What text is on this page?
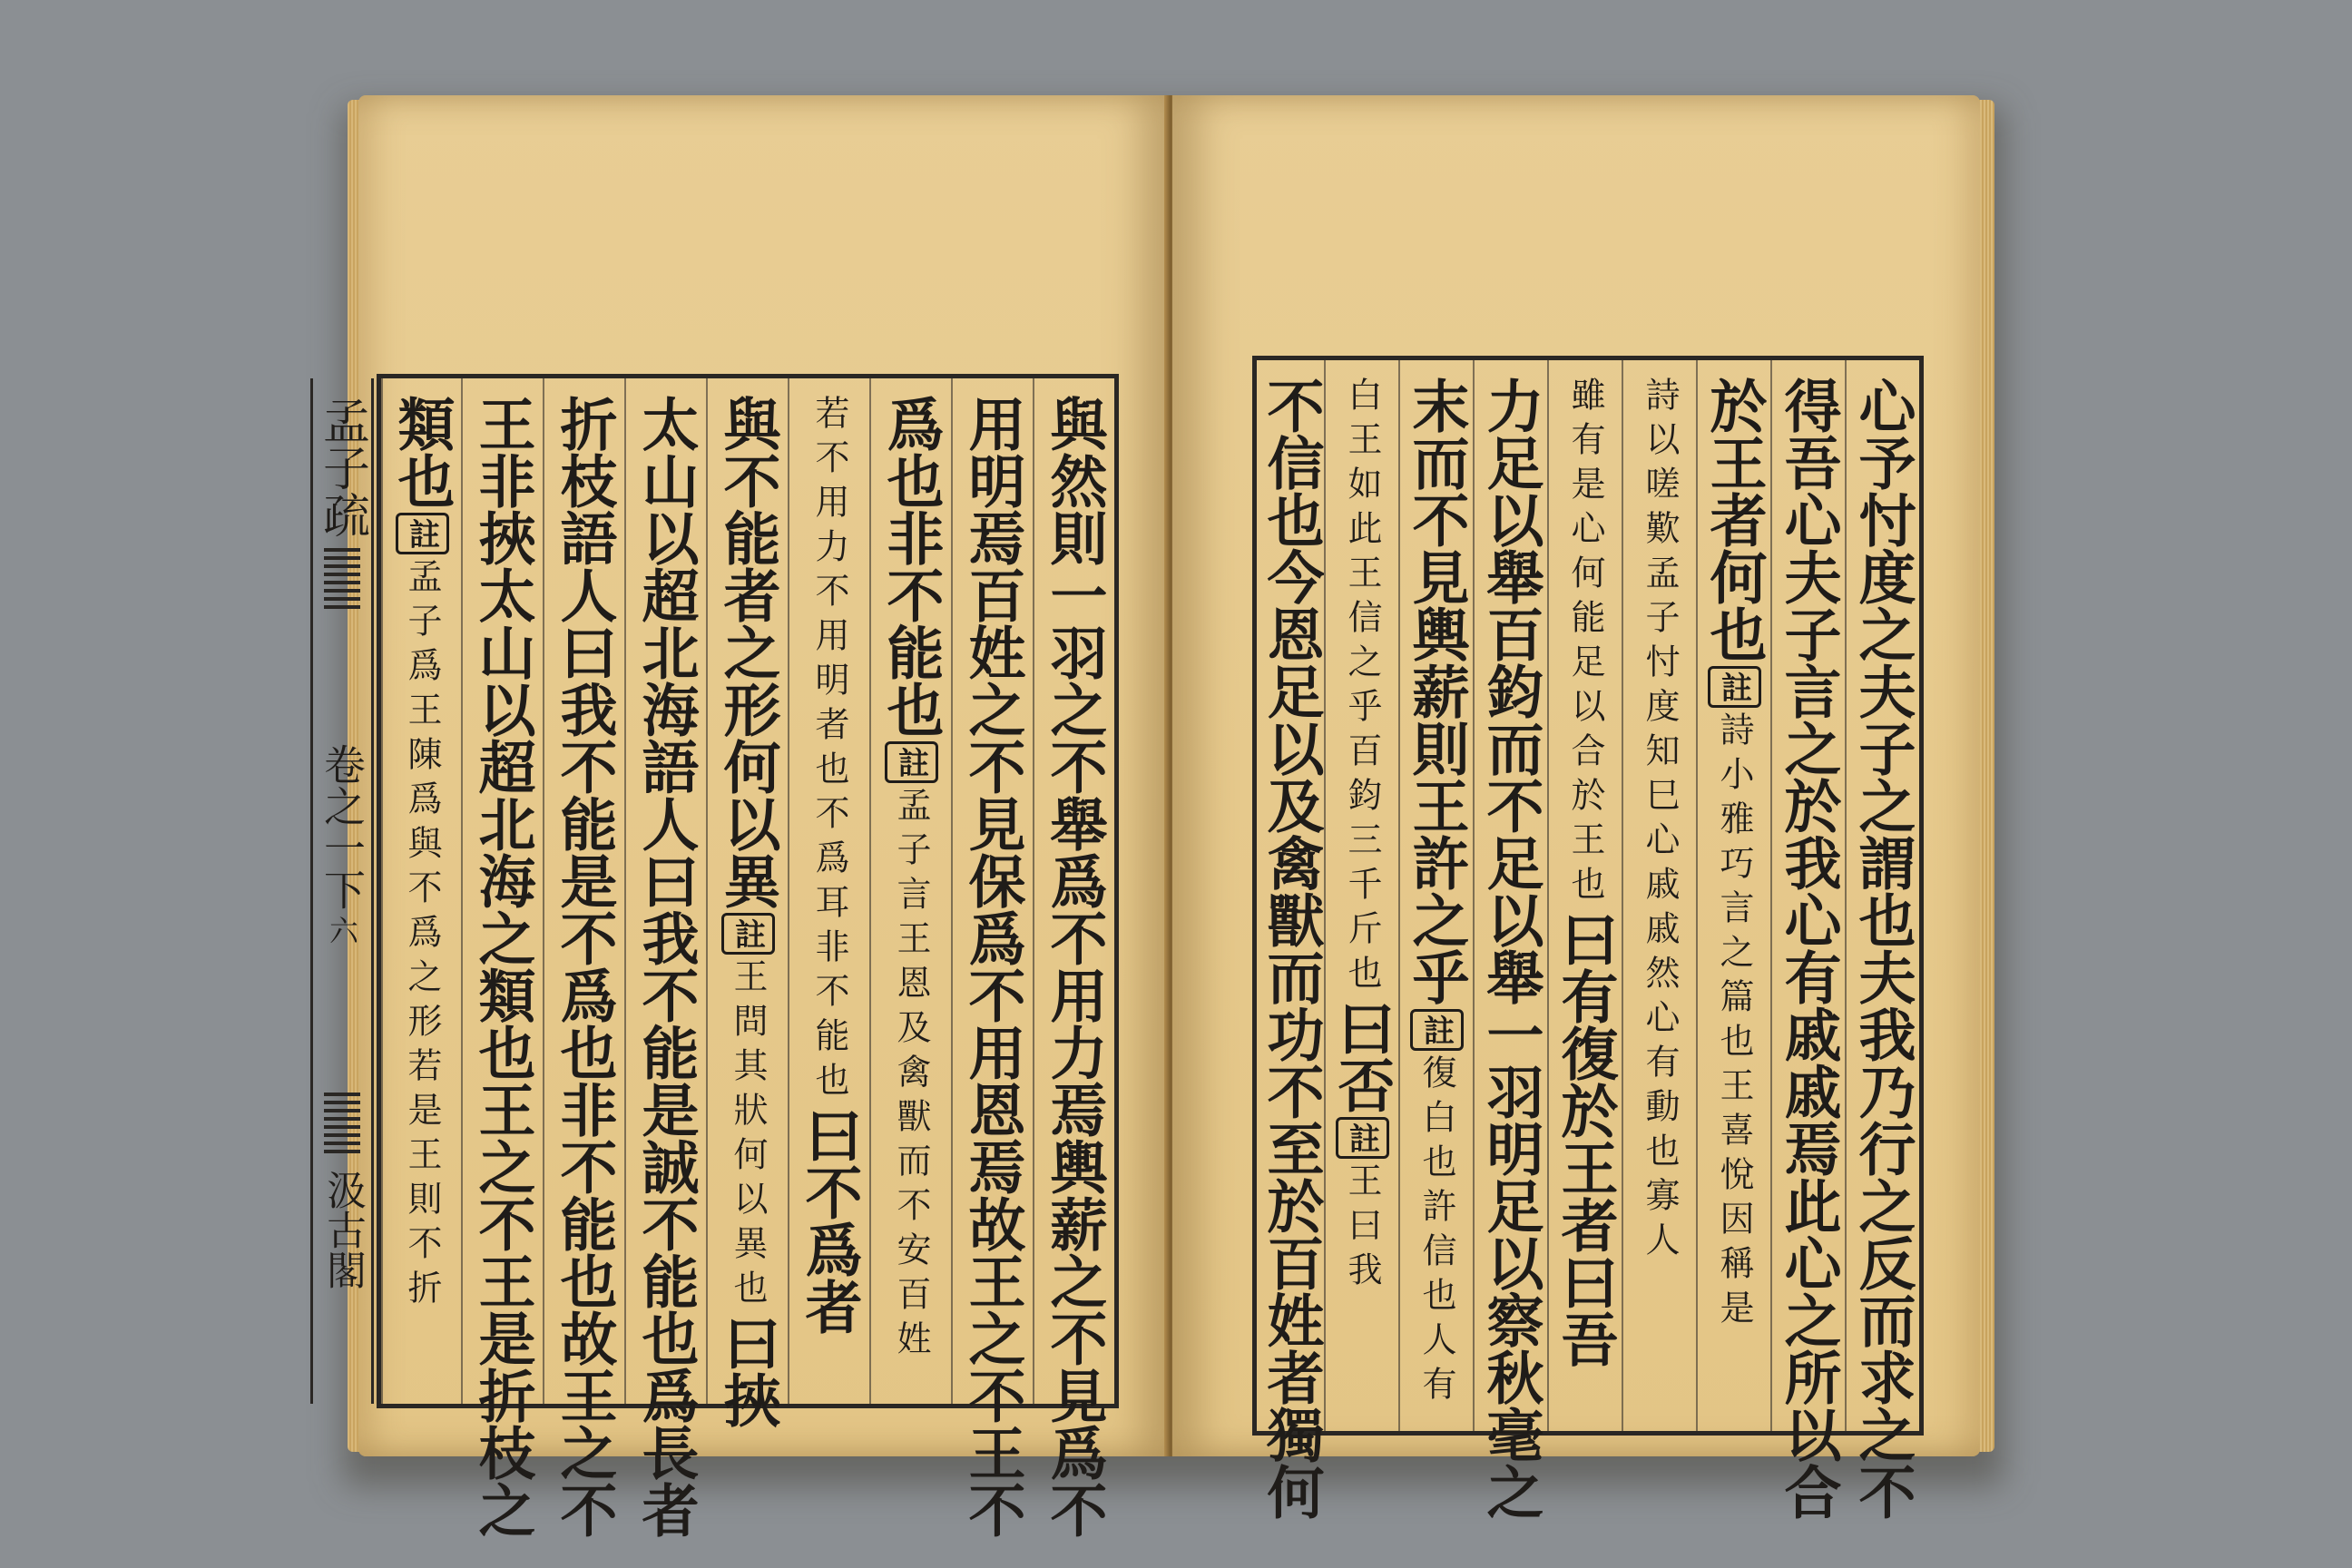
與然則一羽之不舉爲不用力焉輿薪之不見爲不
用明焉百姓之不見保爲不用恩焉故王之不王不
爲也非不能也
註
孟子言王恩及禽獸而不安百姓
若不用力不用明者也不爲耳非不能也
曰不爲者
與不能者之形何以異
註
王問其狀何以異也
曰挾
太山以超北海語人曰我不能是誠不能也爲長者
折枝語人曰我不能是不爲也非不能也故王之不
王非挾太山以超北海之類也王之不王是折枝之
類也
註
孟子爲王陳爲與不爲之形若是王則不折
孟子疏
卷之一下
六
汲古閣	心予忖度之夫子之謂也夫我乃行之反而求之不
得吾心夫子言之於我心有戚戚焉此心之所以合
於王者何也
註
詩小雅巧言之篇也王喜悅因稱是
詩以嗟歎孟子忖度知巳心戚戚然心有動也寡人
雖有是心何能足以合於王也
曰有復於王者曰吾
力足以舉百鈞而不足以舉一羽明足以察秋毫之
末而不見輿薪則王許之乎
註
復白也許信也人有
白王如此王信之乎百鈞三千斤也
曰否
註
王曰我
不信也今恩足以及禽獸而功不至於百姓者獨何
